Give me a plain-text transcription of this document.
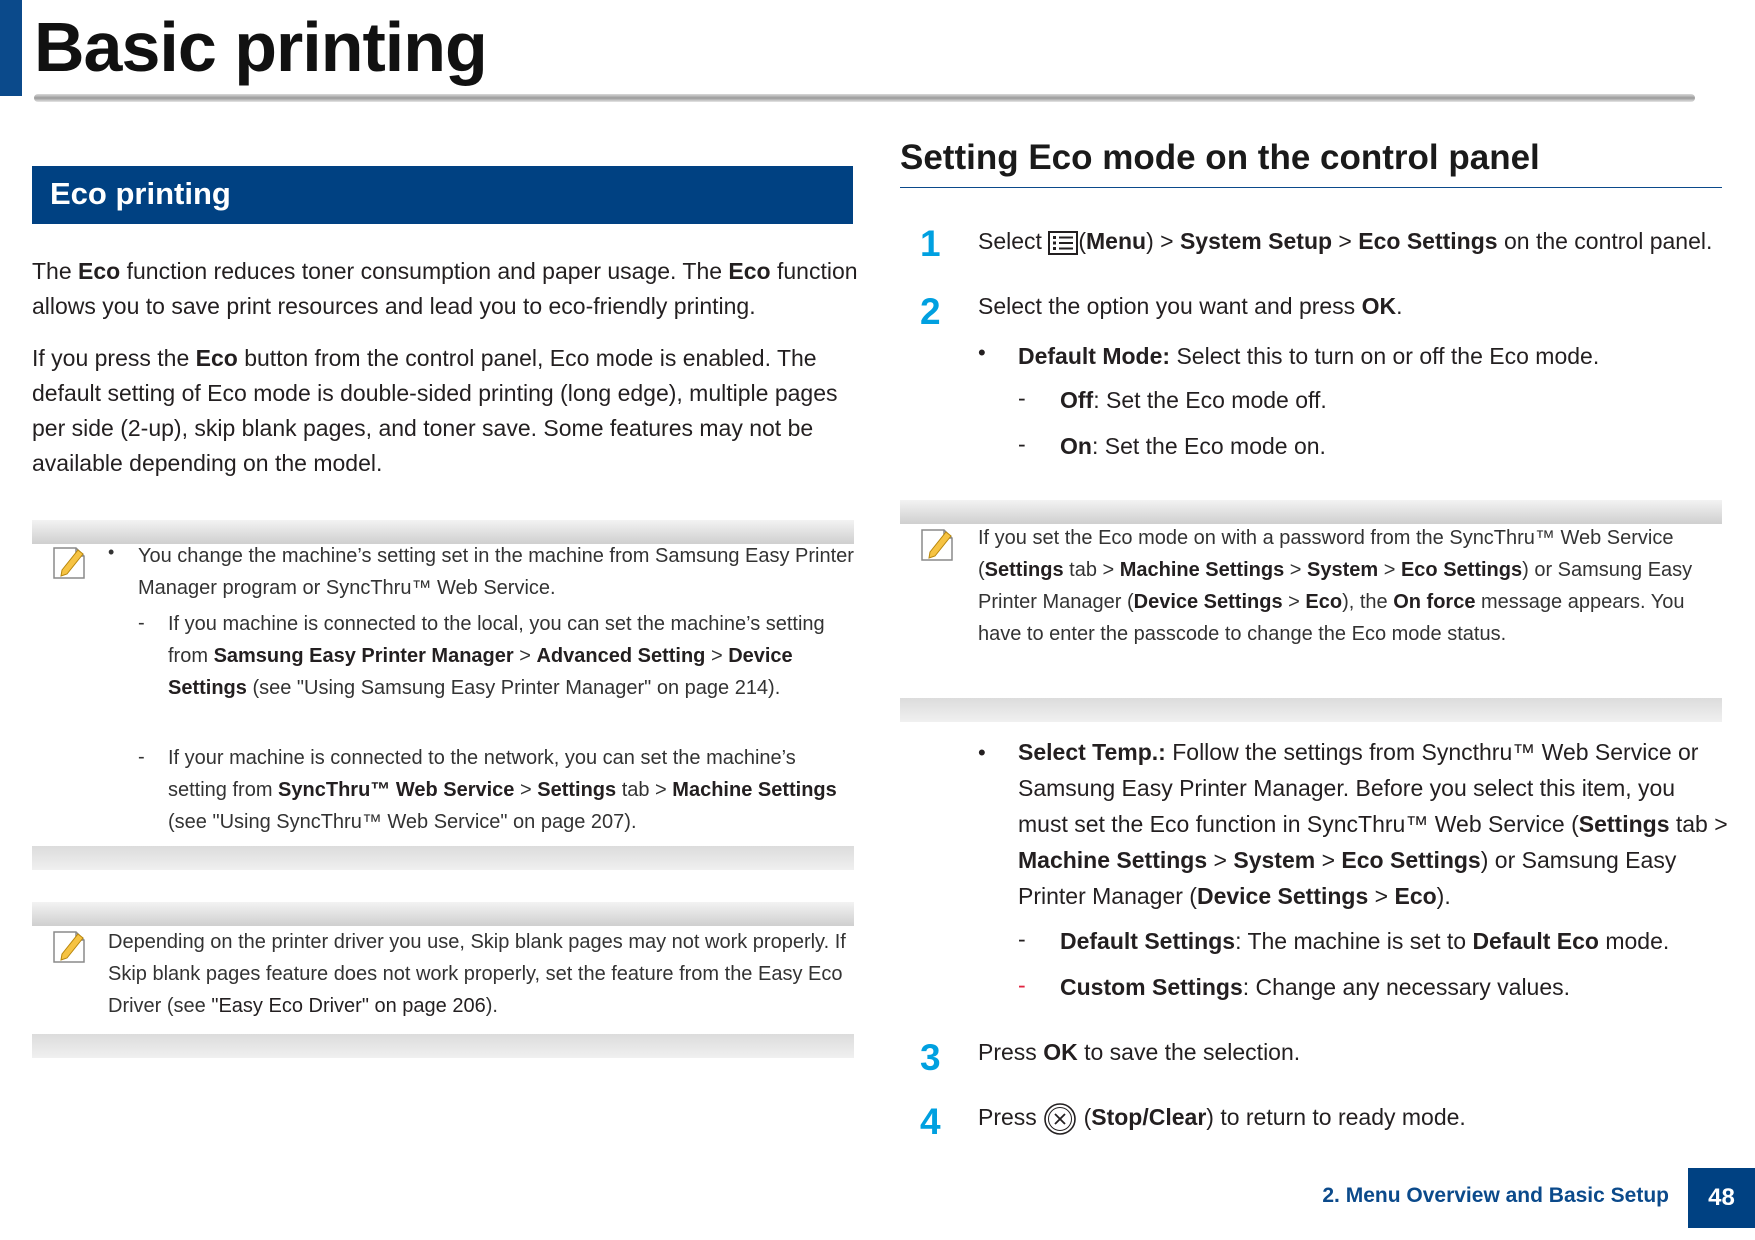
Basic printing
Eco printing
The Eco function reduces toner consumption and paper usage. The Eco function allows you to save print resources and lead you to eco-friendly printing.
If you press the Eco button from the control panel, Eco mode is enabled. The default setting of Eco mode is double-sided printing (long edge), multiple pages per side (2-up), skip blank pages, and toner save. Some features may not be available depending on the model.
• You change the machine’s setting set in the machine from Samsung Easy Printer Manager program or SyncThru™ Web Service.
- If you machine is connected to the local, you can set the machine’s setting from Samsung Easy Printer Manager > Advanced Setting > Device Settings (see "Using Samsung Easy Printer Manager" on page 214).
- If your machine is connected to the network, you can set the machine’s setting from SyncThru™ Web Service > Settings tab > Machine Settings (see "Using SyncThru™ Web Service" on page 207).
Depending on the printer driver you use, Skip blank pages may not work properly. If Skip blank pages feature does not work properly, set the feature from the Easy Eco Driver (see "Easy Eco Driver" on page 206).
Setting Eco mode on the control panel
1 Select (Menu) > System Setup > Eco Settings on the control panel.
2 Select the option you want and press OK.
• Default Mode: Select this to turn on or off the Eco mode.
- Off: Set the Eco mode off.
- On: Set the Eco mode on.
If you set the Eco mode on with a password from the SyncThru™ Web Service (Settings tab > Machine Settings > System > Eco Settings) or Samsung Easy Printer Manager (Device Settings > Eco), the On force message appears. You have to enter the passcode to change the Eco mode status.
• Select Temp.: Follow the settings from Syncthru™ Web Service or Samsung Easy Printer Manager. Before you select this item, you must set the Eco function in SyncThru™ Web Service (Settings tab > Machine Settings > System > Eco Settings) or Samsung Easy Printer Manager (Device Settings > Eco).
- Default Settings: The machine is set to Default Eco mode.
- Custom Settings: Change any necessary values.
3 Press OK to save the selection.
4 Press  (Stop/Clear) to return to ready mode.
2. Menu Overview and Basic Setup	48
